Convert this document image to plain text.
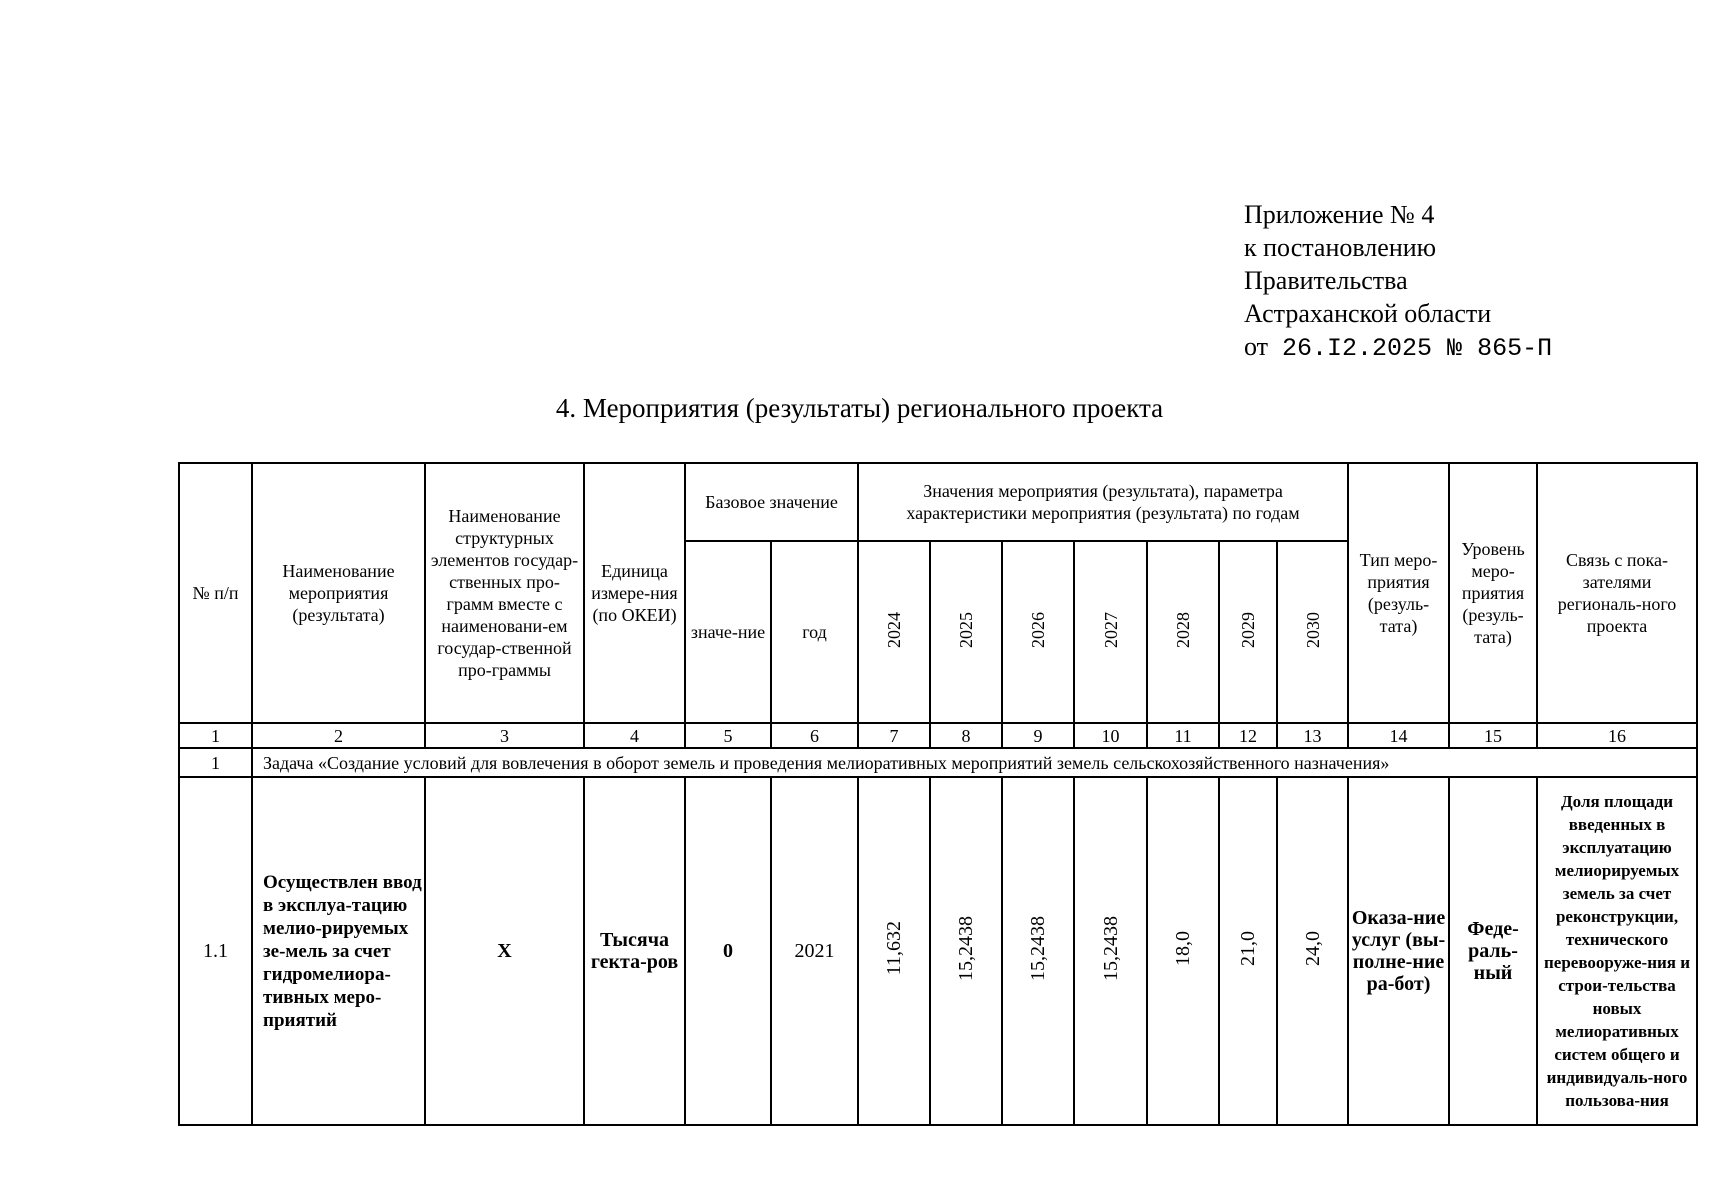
Приложение № 4
к постановлению
Правительства
Астраханской области
от 26.I2.2025 № 865-П
4. Мероприятия (результаты) регионального проекта
№ п/п	Наименование мероприятия (результата)	Наименование структурных элементов государ-ственных про-грамм вместе с наименовани-ем государ-ственной про-граммы	Единица измере-ния (по ОКЕИ)	Базовое значение		Значения мероприятия (результата), параметра характеристики мероприятия (результата) по годам							Тип меро-приятия (резуль-тата)	Уровень меро-приятия (резуль-тата)	Связь с пока-зателями региональ-ного проекта
				значе-ние	год	2024	2025	2026	2027	2028	2029	2030			
1	2	3	4	5	6	7	8	9	10	11	12	13	14	15	16
1	Задача «Создание условий для вовлечения в оборот земель и проведения мелиоративных мероприятий земель сельскохозяйственного назначения»														
1.1	Осуществлен ввод в эксплуа-тацию мелио-рируемых зе-мель за счет гидромелиора-тивных меро-приятий	Х	Тысяча гекта-ров	0	2021	11,632	15,2438	15,2438	15,2438	18,0	21,0	24,0	Оказа-ние услуг (вы-полне-ние ра-бот)	Феде-раль-ный	Доля площади введенных в эксплуатацию мелиорируемых земель за счет реконструкции, технического перевооруже-ния и строи-тельства новых мелиоративных систем общего и индивидуаль-ного пользова-ния
